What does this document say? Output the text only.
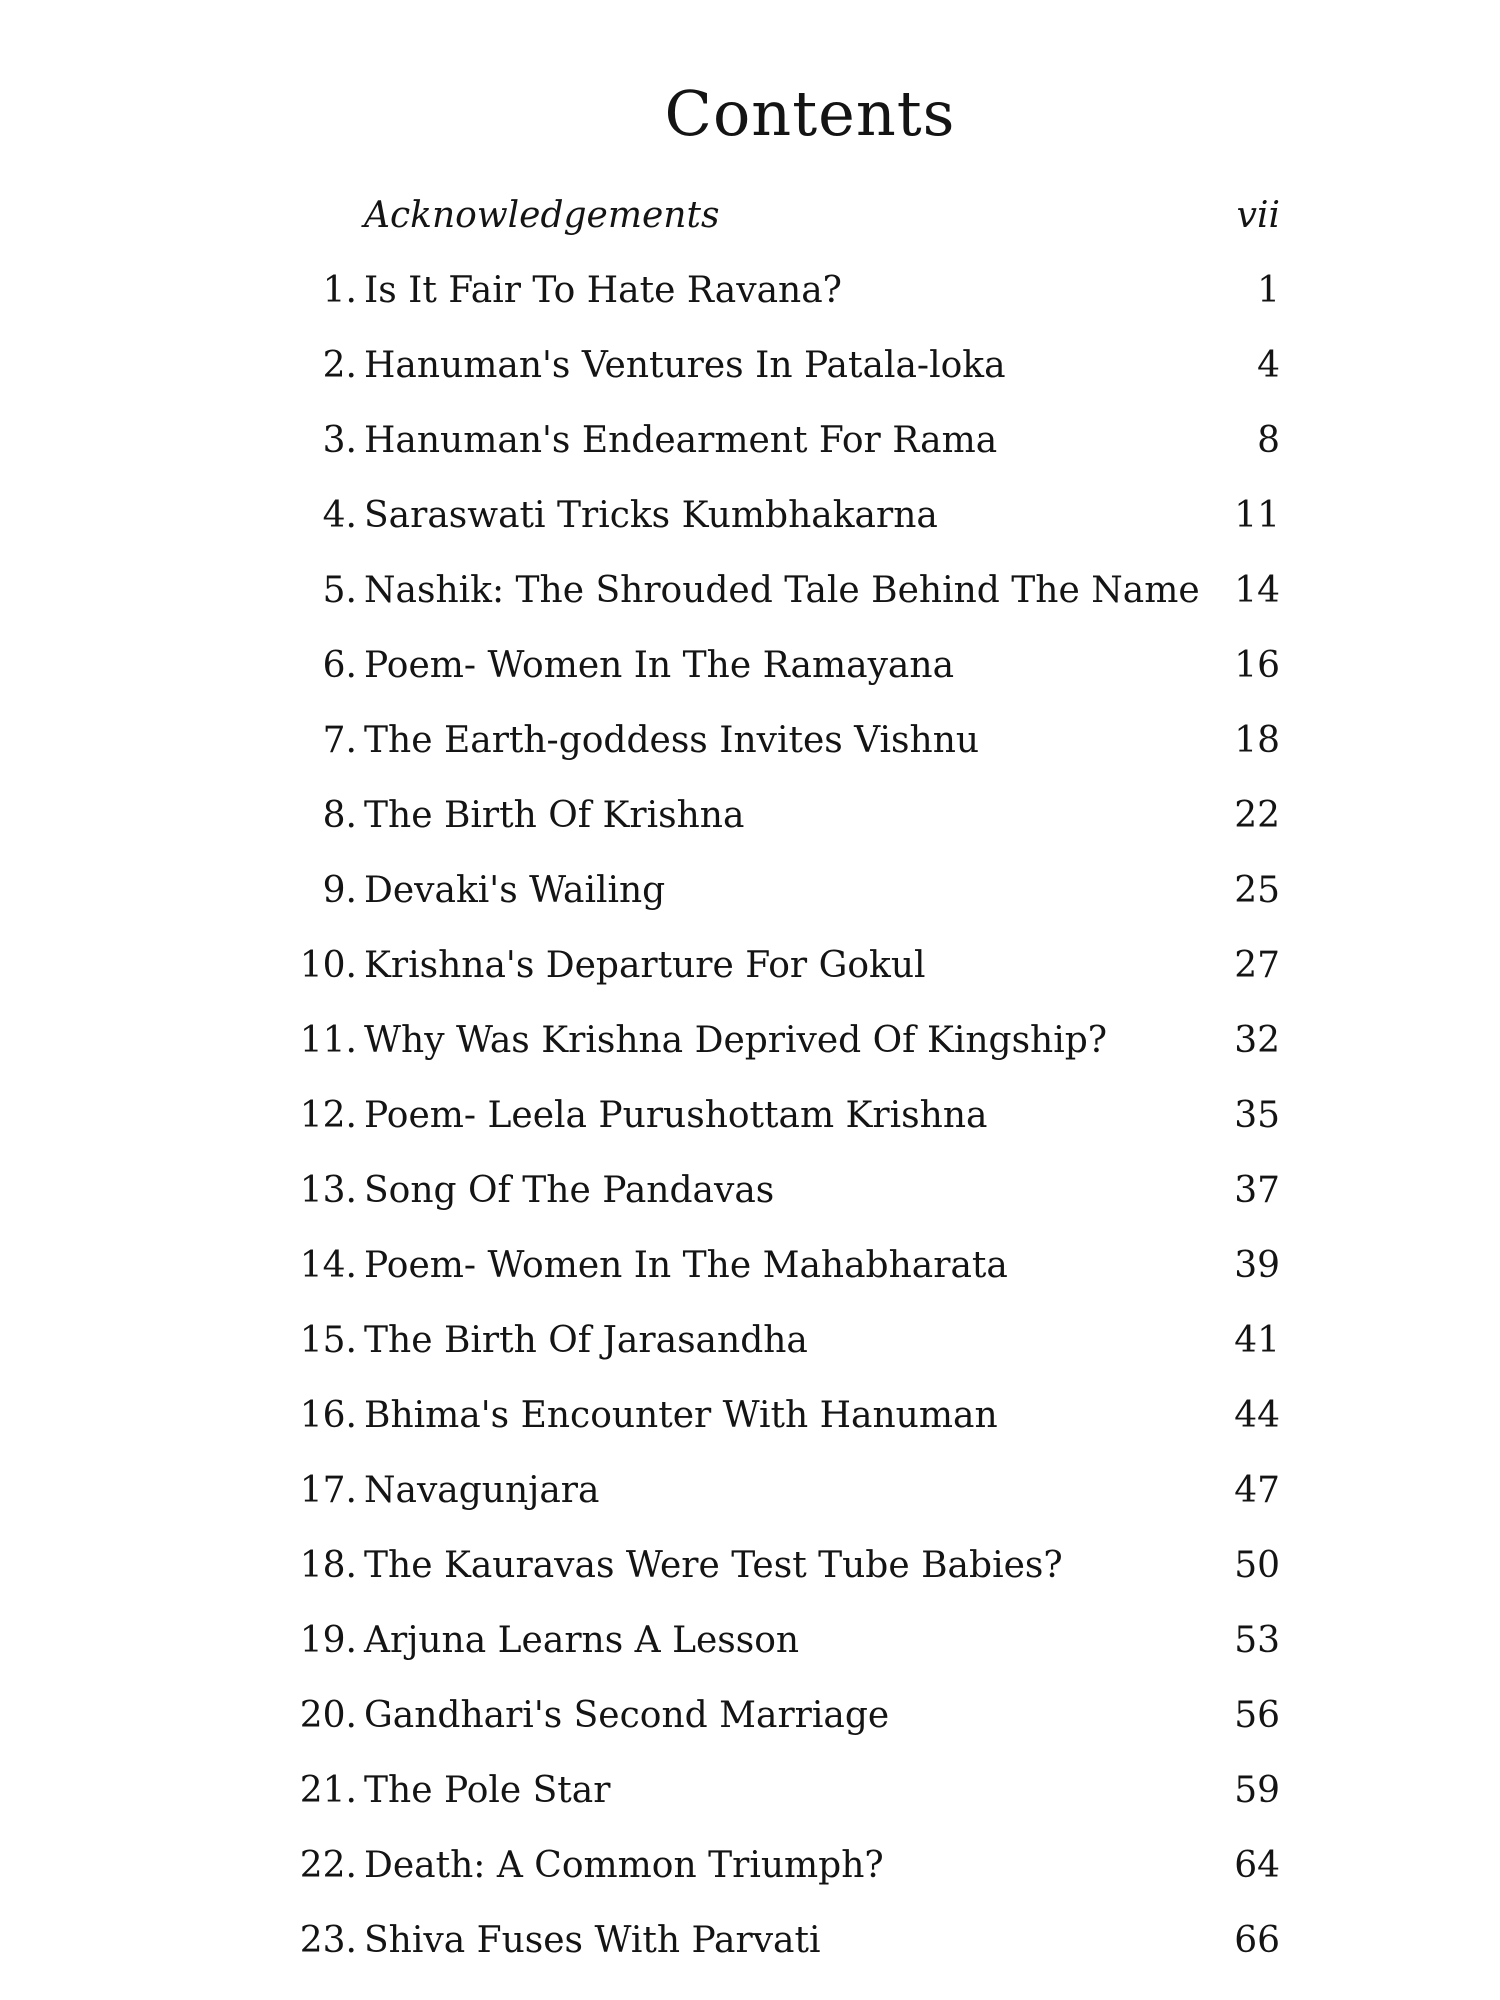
Contents
Acknowledgements	vii
1. Is It Fair To Hate Ravana?	1
2. Hanuman's Ventures In Patala-loka	4
3. Hanuman's Endearment For Rama	8
4. Saraswati Tricks Kumbhakarna	11
5. Nashik: The Shrouded Tale Behind The Name 14
6. Poem- Women In The Ramayana	16
7. The Earth-goddess Invites Vishnu	18
8. The Birth Of Krishna	22
9. Devaki's Wailing	25
10. Krishna's Departure For Gokul	27
11. Why Was Krishna Deprived Of Kingship?	32
12. Poem- Leela Purushottam Krishna	35
13. Song Of The Pandavas	37
14. Poem- Women In The Mahabharata	39
15. The Birth Of Jarasandha	41
16. Bhima's Encounter With Hanuman	44
17. Navagunjara	47
18. The Kauravas Were Test Tube Babies?	50
19. Arjuna Learns A Lesson	53
20. Gandhari's Second Marriage	56
21. The Pole Star	59
22. Death: A Common Triumph?	64
23. Shiva Fuses With Parvati	66
